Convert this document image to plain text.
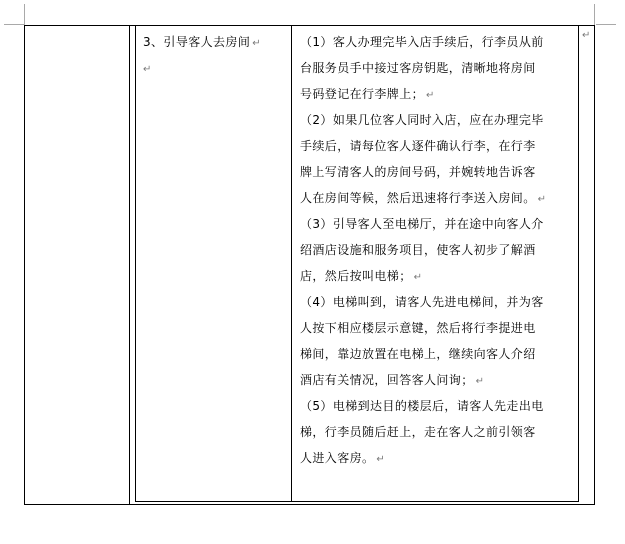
3、引导客人去房间 ↵
↵
（1）客人办理完毕入店手续后，行李员从前
台服务员手中接过客房钥匙，清晰地将房间
号码登记在行李牌上； ↵
（2）如果几位客人同时入店，应在办理完毕
手续后，请每位客人逐件确认行李，在行李
牌上写清客人的房间号码，并婉转地告诉客
人在房间等候，然后迅速将行李送入房间。 ↵
（3）引导客人至电梯厅，并在途中向客人介
绍酒店设施和服务项目，使客人初步了解酒
店，然后按叫电梯； ↵
（4）电梯叫到，请客人先进电梯间，并为客
人按下相应楼层示意键，然后将行李提进电
梯间，靠边放置在电梯上，继续向客人介绍
酒店有关情况，回答客人问询； ↵
（5）电梯到达目的楼层后，请客人先走出电
梯，行李员随后赶上，走在客人之前引领客
人进入客房。 ↵
↵
